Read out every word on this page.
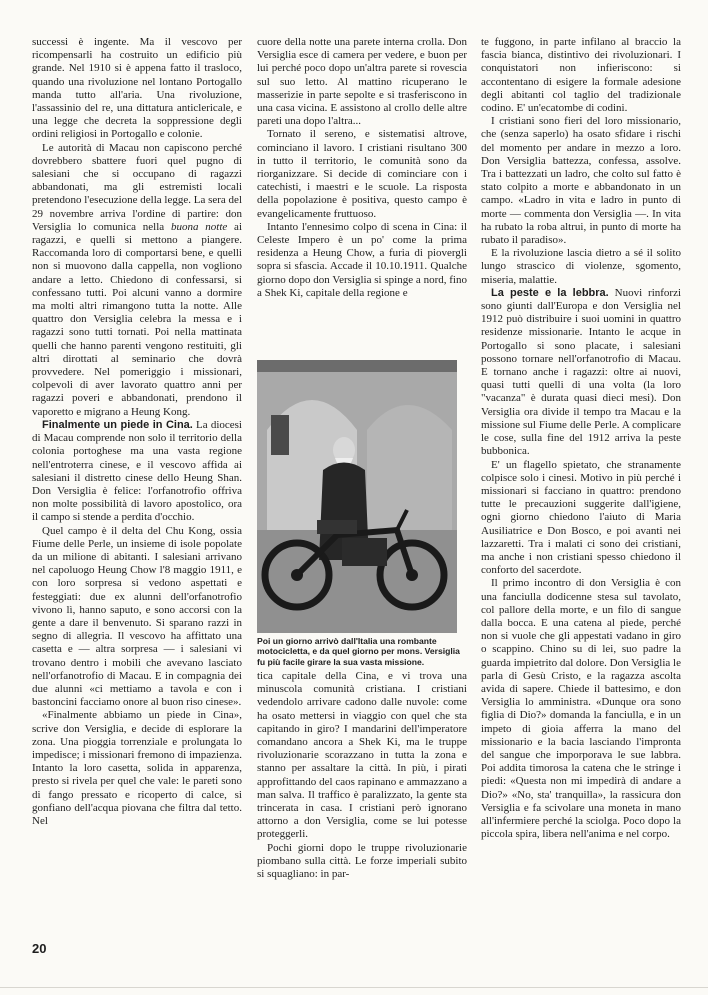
successi è ingente. Ma il vescovo per ricompensarli ha costruito un edificio più grande. Nel 1910 si è appena fatto il trasloco, quando una rivoluzione nel lontano Portogallo manda tutto all'aria. Una rivoluzione, l'assassinio del re, una dittatura anticlericale, e una legge che decreta la soppressione degli ordini religiosi in Portogallo e colonie.

Le autorità di Macau non capiscono perché dovrebbero sbattere fuori quel pugno di salesiani che si occupano di ragazzi abbandonati, ma gli estremisti locali pretendono l'esecuzione della legge. La sera del 29 novembre arriva l'ordine di partire: don Versiglia lo comunica nella buona notte ai ragazzi, e quelli si mettono a piangere. Raccomanda loro di comportarsi bene, e quelli non si muovono dalla cappella, non vogliono andare a letto. Chiedono di confessarsi, si confessano tutti. Poi alcuni vanno a dormire ma molti altri rimangono tutta la notte. Alle quattro don Versiglia celebra la messa e i ragazzi sono tutti tornati. Poi nella mattinata quelli che hanno parenti vengono restituiti, gli altri dirottati al seminario che dovrà provvedere. Nel pomeriggio i missionari, colpevoli di aver lavorato quattro anni per ragazzi poveri e abbandonati, prendono il vaporetto e migrano a Heung Kong.

Finalmente un piede in Cina. La diocesi di Macau comprende non solo il territorio della colonia portoghese ma una vasta regione nell'entroterra cinese, e il vescovo affida ai salesiani il distretto cinese dello Heung Shan. Don Versiglia è felice: l'orfanotrofio offriva non molte possibilità di lavoro apostolico, ora il campo si stende a perdita d'occhio.

Quel campo è il delta del Chu Kong, ossia Fiume delle Perle, un insieme di isole popolate da un milione di abitanti. I salesiani arrivano nel capoluogo Heung Chow l'8 maggio 1911, e con loro sorpresa si vedono aspettati e festeggiati: due ex alunni dell'orfanotrofio vivono lì, hanno saputo, e sono accorsi con la gente a dare il benvenuto. Si sparano razzi in segno di allegria. Il vescovo ha affittato una casetta e — altra sorpresa — i salesiani vi trovano dentro i mobili che avevano lasciato nell'orfanotrofio di Macau. E in compagnia dei due alunni «ci mettiamo a tavola e con i bastoncini facciamo onore al buon riso cinese».

«Finalmente abbiamo un piede in Cina», scrive don Versiglia, e decide di esplorare la zona. Una pioggia torrenziale e prolungata lo impedisce; i missionari fremono di impazienza. Intanto la loro casetta, solida in apparenza, presto si rivela per quel che vale: le pareti sono di fango pressato e ricoperto di calce, si gonfiano dell'acqua piovana che filtra dal tetto. Nel

cuore della notte una parete interna crolla. Don Versiglia esce di camera per vedere, e buon per lui perché poco dopo un'altra parete si rovescia sul suo letto. Al mattino ricuperano le masserizie in parte sepolte e si trasferiscono in una casa vicina. E assistono al crollo delle altre pareti una dopo l'altra...

Tornato il sereno, e sistematisi altrove, cominciano il lavoro. I cristiani risultano 300 in tutto il territorio, le comunità sono da riorganizzare. Si decide di cominciare con i catechisti, i maestri e le scuole. La risposta della popolazione è positiva, questo campo è evangelicamente fruttuoso.

Intanto l'ennesimo colpo di scena in Cina: il Celeste Impero è un po' come la prima residenza a Heung Chow, a furia di piovergli sopra si sfascia. Accade il 10.10.1911. Qualche giorno dopo don Versiglia si spinge a nord, fino a Shek Ki, capitale della regione e

Poi un giorno arrivò dall'Italia una rombante motocicletta, e da quel giorno per mons. Versiglia fu più facile girare la sua vasta missione.

tica capitale della Cina, e vi trova una minuscola comunità cristiana. I cristiani vedendolo arrivare cadono dalle nuvole: come ha osato mettersi in viaggio con quel che sta capitando in giro? I mandarini dell'imperatore comandano ancora a Shek Ki, ma le truppe rivoluzionarie scorazzano in tutta la zona e stanno per assaltare la città. In più, i pirati approfittando del caos rapinano e ammazzano a man salva. Il traffico è paralizzato, la gente sta trincerata in casa. I cristiani però ignorano attorno a don Versiglia, come se lui potesse proteggerli.

Pochi giorni dopo le truppe rivoluzionarie piombano sulla città. Le forze imperiali subito si squagliano: in par-

te fuggono, in parte infilano al braccio la fascia bianca, distintivo dei rivoluzionari. I conquistatori non infieriscono: si accontentano di esigere la formale adesione degli abitanti col taglio del tradizionale codino. E' un'ecatombe di codini.

I cristiani sono fieri del loro missionario, che (senza saperlo) ha osato sfidare i rischi del momento per andare in mezzo a loro. Don Versiglia battezza, confessa, assolve. Tra i battezzati un ladro, che colto sul fatto è stato colpito a morte e abbandonato in un campo. «Ladro in vita e ladro in punto di morte — commenta don Versiglia —. In vita ha rubato la roba altrui, in punto di morte ha rubato il paradiso».

E la rivoluzione lascia dietro a sé il solito lungo strascico di violenze, sgomento, miseria, malattie.

La peste e la lebbra. Nuovi rinforzi sono giunti dall'Europa e don Versiglia nel 1912 può distribuire i suoi uomini in quattro residenze missionarie. Intanto le acque in Portogallo si sono placate, i salesiani possono tornare nell'orfanotrofio di Macau. E tornano anche i ragazzi: oltre ai nuovi, quasi tutti quelli di una volta (la loro "vacanza" è durata quasi dieci mesi). Don Versiglia ora divide il tempo tra Macau e la missione sul Fiume delle Perle. A complicare le cose, sulla fine del 1912 arriva la peste bubbonica.

E' un flagello spietato, che stranamente colpisce solo i cinesi. Motivo in più perché i missionari si facciano in quattro: prendono tutte le precauzioni suggerite dall'igiene, ogni giorno chiedono l'aiuto di Maria Ausiliatrice e Don Bosco, e poi avanti nei lazzaretti. Tra i malati ci sono dei cristiani, ma anche i non cristiani spesso chiedono il conforto del sacerdote.

Il primo incontro di don Versiglia è con una fanciulla dodicenne stesa sul tavolato, col pallore della morte, e un filo di sangue dalla bocca. E una catena al piede, perché non si vuole che gli appestati vadano in giro o scappino. Chino su di lei, suo padre la guarda impietrito dal dolore. Don Versiglia le parla di Gesù Cristo, e la ragazza ascolta avida di sapere. Chiede il battesimo, e don Versiglia lo amministra. «Dunque ora sono figlia di Dio?» domanda la fanciulla, e in un impeto di gioia afferra la mano del missionario e la bacia lasciando l'impronta del sangue che imporporava le sue labbra. Poi addita timorosa la catena che le stringe i piedi: «Questa non mi impedirà di andare a Dio?» «No, sta' tranquilla», la rassicura don Versiglia e fa scivolare una moneta in mano all'infermiere perché la sciolga. Poco dopo la piccola spira, libera nell'anima e nel corpo.

20
